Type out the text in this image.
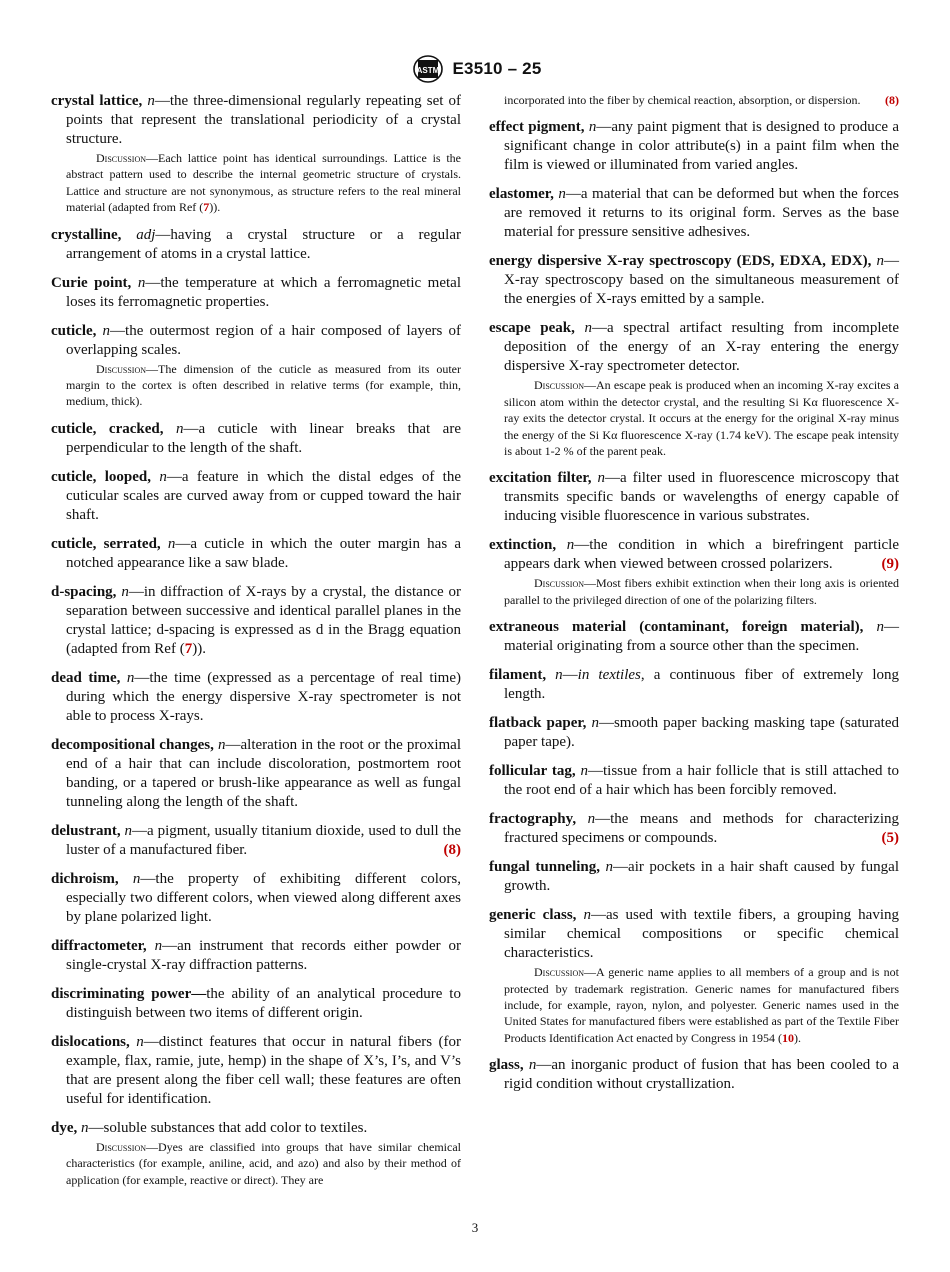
ASTM E3510 – 25
crystal lattice, n—the three-dimensional regularly repeating set of points that represent the translational periodicity of a crystal structure.
Discussion—Each lattice point has identical surroundings. Lattice is the abstract pattern used to describe the internal geometric structure of crystals. Lattice and structure are not synonymous, as structure refers to the real mineral material (adapted from Ref (7)).
crystalline, adj—having a crystal structure or a regular arrangement of atoms in a crystal lattice.
Curie point, n—the temperature at which a ferromagnetic metal loses its ferromagnetic properties.
cuticle, n—the outermost region of a hair composed of layers of overlapping scales.
Discussion—The dimension of the cuticle as measured from its outer margin to the cortex is often described in relative terms (for example, thin, medium, thick).
cuticle, cracked, n—a cuticle with linear breaks that are perpendicular to the length of the shaft.
cuticle, looped, n—a feature in which the distal edges of the cuticular scales are curved away from or cupped toward the hair shaft.
cuticle, serrated, n—a cuticle in which the outer margin has a notched appearance like a saw blade.
d-spacing, n—in diffraction of X-rays by a crystal, the distance or separation between successive and identical parallel planes in the crystal lattice; d-spacing is expressed as d in the Bragg equation (adapted from Ref (7)).
dead time, n—the time (expressed as a percentage of real time) during which the energy dispersive X-ray spectrometer is not able to process X-rays.
decompositional changes, n—alteration in the root or the proximal end of a hair that can include discoloration, postmortem root banding, or a tapered or brush-like appearance as well as fungal tunneling along the length of the shaft.
delustrant, n—a pigment, usually titanium dioxide, used to dull the luster of a manufactured fiber.	(8)
dichroism, n—the property of exhibiting different colors, especially two different colors, when viewed along different axes by plane polarized light.
diffractometer, n—an instrument that records either powder or single-crystal X-ray diffraction patterns.
discriminating power—the ability of an analytical procedure to distinguish between two items of different origin.
dislocations, n—distinct features that occur in natural fibers (for example, flax, ramie, jute, hemp) in the shape of X’s, I’s, and V’s that are present along the fiber cell wall; these features are often useful for identification.
dye, n—soluble substances that add color to textiles.
Discussion—Dyes are classified into groups that have similar chemical characteristics (for example, aniline, acid, and azo) and also by their method of application (for example, reactive or direct). They are
incorporated into the fiber by chemical reaction, absorption, or dispersion. (8)
effect pigment, n—any paint pigment that is designed to produce a significant change in color attribute(s) in a paint film when the film is viewed or illuminated from varied angles.
elastomer, n—a material that can be deformed but when the forces are removed it returns to its original form. Serves as the base material for pressure sensitive adhesives.
energy dispersive X-ray spectroscopy (EDS, EDXA, EDX), n—X-ray spectroscopy based on the simultaneous measurement of the energies of X-rays emitted by a sample.
escape peak, n—a spectral artifact resulting from incomplete deposition of the energy of an X-ray entering the energy dispersive X-ray spectrometer detector.
Discussion—An escape peak is produced when an incoming X-ray excites a silicon atom within the detector crystal, and the resulting Si Kα fluorescence X-ray exits the detector crystal. It occurs at the energy for the original X-ray minus the energy of the Si Kα fluorescence X-ray (1.74 keV). The escape peak intensity is about 1-2 % of the parent peak.
excitation filter, n—a filter used in fluorescence microscopy that transmits specific bands or wavelengths of energy capable of inducing visible fluorescence in various substrates.
extinction, n—the condition in which a birefringent particle appears dark when viewed between crossed polarizers.	(9)
Discussion—Most fibers exhibit extinction when their long axis is oriented parallel to the privileged direction of one of the polarizing filters.
extraneous material (contaminant, foreign material), n—material originating from a source other than the specimen.
filament, n—in textiles, a continuous fiber of extremely long length.
flatback paper, n—smooth paper backing masking tape (saturated paper tape).
follicular tag, n—tissue from a hair follicle that is still attached to the root end of a hair which has been forcibly removed.
fractography, n—the means and methods for characterizing fractured specimens or compounds.	(5)
fungal tunneling, n—air pockets in a hair shaft caused by fungal growth.
generic class, n—as used with textile fibers, a grouping having similar chemical compositions or specific chemical characteristics.
Discussion—A generic name applies to all members of a group and is not protected by trademark registration. Generic names for manufactured fibers include, for example, rayon, nylon, and polyester. Generic names used in the United States for manufactured fibers were established as part of the Textile Fiber Products Identification Act enacted by Congress in 1954 (10).
glass, n—an inorganic product of fusion that has been cooled to a rigid condition without crystallization.
3
